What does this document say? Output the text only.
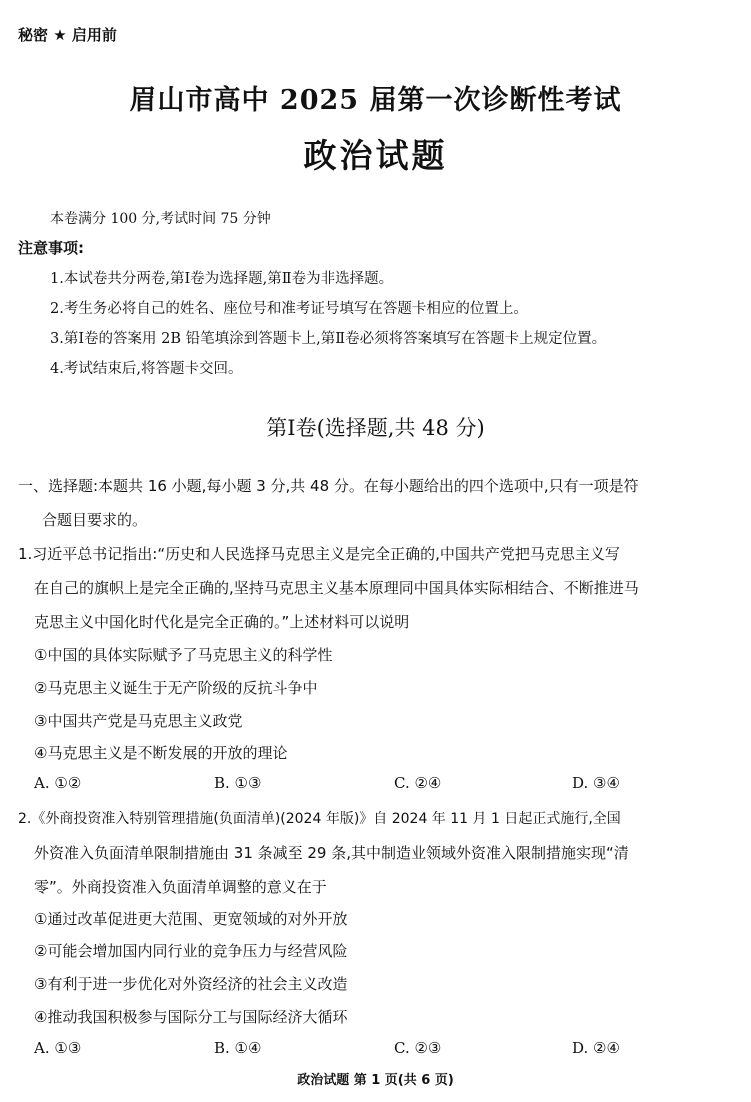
秘密 ★ 启用前
眉山市高中 2025 届第一次诊断性考试
政治试题
本卷满分 100 分,考试时间 75 分钟
注意事项:
1.本试卷共分两卷,第Ⅰ卷为选择题,第Ⅱ卷为非选择题。
2.考生务必将自己的姓名、座位号和准考证号填写在答题卡相应的位置上。
3.第Ⅰ卷的答案用 2B 铅笔填涂到答题卡上,第Ⅱ卷必须将答案填写在答题卡上规定位置。
4.考试结束后,将答题卡交回。
第Ⅰ卷(选择题,共 48 分)
一、选择题:本题共 16 小题,每小题 3 分,共 48 分。在每小题给出的四个选项中,只有一项是符
合题目要求的。
1.习近平总书记指出:“历史和人民选择马克思主义是完全正确的,中国共产党把马克思主义写
在自己的旗帜上是完全正确的,坚持马克思主义基本原理同中国具体实际相结合、不断推进马
克思主义中国化时代化是完全正确的。”上述材料可以说明
①中国的具体实际赋予了马克思主义的科学性
②马克思主义诞生于无产阶级的反抗斗争中
③中国共产党是马克思主义政党
④马克思主义是不断发展的开放的理论
A. ①②	B. ①③	C. ②④	D. ③④
2.《外商投资准入特别管理措施(负面清单)(2024 年版)》自 2024 年 11 月 1 日起正式施行,全国
外资准入负面清单限制措施由 31 条减至 29 条,其中制造业领域外资准入限制措施实现“清
零”。外商投资准入负面清单调整的意义在于
①通过改革促进更大范围、更宽领域的对外开放
②可能会增加国内同行业的竞争压力与经营风险
③有利于进一步优化对外资经济的社会主义改造
④推动我国积极参与国际分工与国际经济大循环
A. ①③	B. ①④	C. ②③	D. ②④
政治试题 第 1 页(共 6 页)
